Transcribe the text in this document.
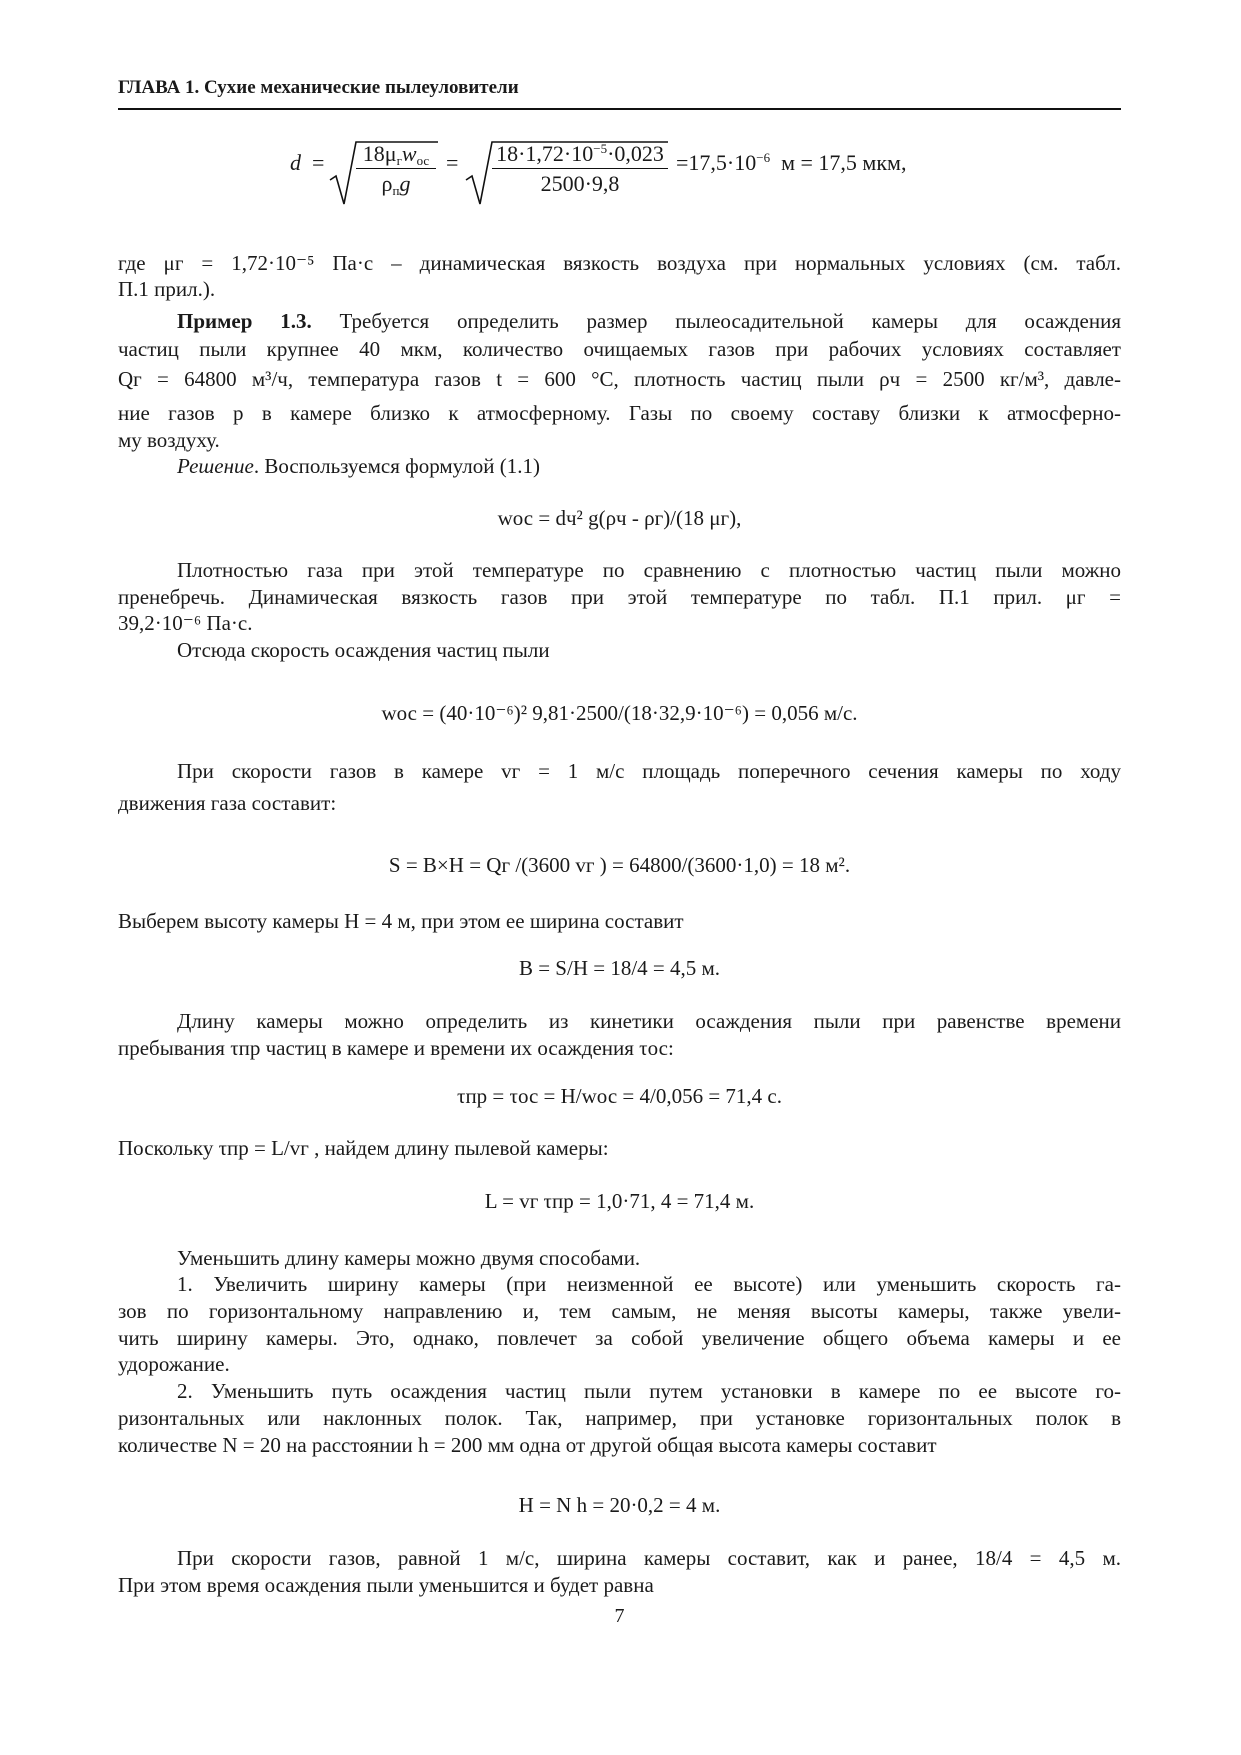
ГЛАВА 1. Сухие механические пылеуловители
d =	$18\mu_гw_{ос}$
$\rho_пg$
= $\frac{18\cdot 1,72\cdot 10^{-5}\cdot 0,023}{2500\cdot 9,8} =17,5\cdot 10^{-6}$ м = 17,5 мкм,
где μг = 1,72·10⁻⁵ Па·с – динамическая вязкость воздуха при нормальных условиях (см. табл.
П.1 прил.).
Пример 1.3. Требуется определить размер пылеосадительной камеры для осаждения
частиц пыли крупнее 40 мкм, количество очищаемых газов при рабочих условиях составляет
Qг = 64800 м³/ч, температура газов t = 600 °С, плотность частиц пыли ρч = 2500 кг/м³, давле-
ние газов p в камере близко к атмосферному. Газы по своему составу близки к атмосферно-
му воздуху.
Решение. Воспользуемся формулой (1.1)
wос = dч² g(ρч - ρг)/(18 μг),
Плотностью газа при этой температуре по сравнению с плотностью частиц пыли можно
пренебречь. Динамическая вязкость газов при этой температуре по табл. П.1 прил. μг =
39,2·10⁻⁶ Па·с.
Отсюда скорость осаждения частиц пыли
wос = (40·10⁻⁶)² 9,81·2500/(18·32,9·10⁻⁶) = 0,056 м/с.
При скорости газов в камере vг = 1 м/с площадь поперечного сечения камеры по ходу
движения газа составит:
S = B×H = Qг /(3600 vг ) = 64800/(3600·1,0) = 18 м².
Выберем высоту камеры H = 4 м, при этом ее ширина составит
B = S/H = 18/4 = 4,5 м.
Длину камеры можно определить из кинетики осаждения пыли при равенстве времени
пребывания τпр частиц в камере и времени их осаждения τос:
τпр = τос = H/wос = 4/0,056 = 71,4 с.
Поскольку τпр = L/vг , найдем длину пылевой камеры:
L = vг τпр = 1,0·71, 4 = 71,4 м.
Уменьшить длину камеры можно двумя способами.
1. Увеличить ширину камеры (при неизменной ее высоте) или уменьшить скорость га-
зов по горизонтальному направлению и, тем самым, не меняя высоты камеры, также увели-
чить ширину камеры. Это, однако, повлечет за собой увеличение общего объема камеры и ее
удорожание.
2. Уменьшить путь осаждения частиц пыли путем установки в камере по ее высоте го-
ризонтальных или наклонных полок. Так, например, при установке горизонтальных полок в
количестве N = 20 на расстоянии h = 200 мм одна от другой общая высота камеры составит
H = N h = 20·0,2 = 4 м.
При скорости газов, равной 1 м/с, ширина камеры составит, как и ранее, 18/4 = 4,5 м.
При этом время осаждения пыли уменьшится и будет равна
7
